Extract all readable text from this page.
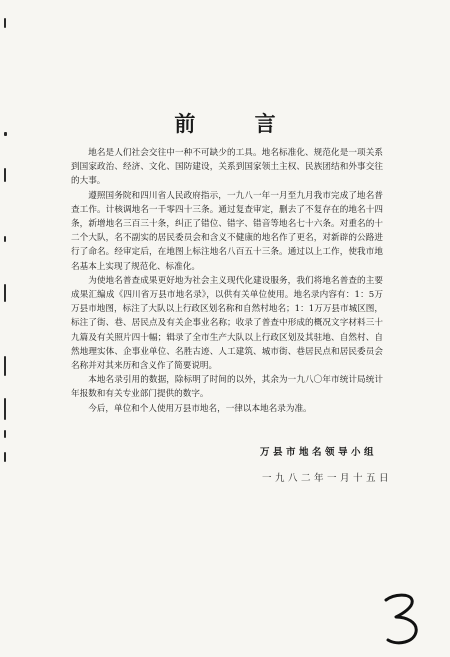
前 言

地名是人们社会交往中一种不可缺少的工具。地名标准化、规范化是一项关系到国家政治、经济、文化、国防建设，关系到国家领土主权、民族团结和外事交往的大事。

遵照国务院和四川省人民政府指示，一九八一年一月至九月我市完成了地名普查工作。计核调地名一千零四十三条。通过复查审定，删去了不复存在的地名十四条，新增地名三百三十条，纠正了错位、错字、错音等地名七十六条。对重名的十二个大队，名不副实的居民委员会和含义不健康的地名作了更名，对新辟的公路进行了命名。经审定后，在地图上标注地名八百五十三条。通过以上工作，使我市地名基本上实现了规范化、标准化。

为使地名普查成果更好地为社会主义现代化建设服务，我们将地名普查的主要成果汇编成《四川省万县市地名录》，以供有关单位使用。地名录内容有：1：5万万县市地图，标注了大队以上行政区划名称和自然村地名；1：1万万县市城区图，标注了街、巷、居民点及有关企事业名称；收录了普查中形成的概况文字材料三十九篇及有关照片四十幅；辑录了全市生产大队以上行政区划及其驻地、自然村、自然地理实体、企事业单位、名胜古迹、人工建筑、城市街、巷居民点和居民委员会名称并对其来历和含义作了简要说明。

本地名录引用的数据，除标明了时间的以外，其余为一九八〇年市统计局统计年报数和有关专业部门提供的数字。

今后，单位和个人使用万县市地名，一律以本地名录为准。

万县市地名领导小组
一九八二年一月十五日
